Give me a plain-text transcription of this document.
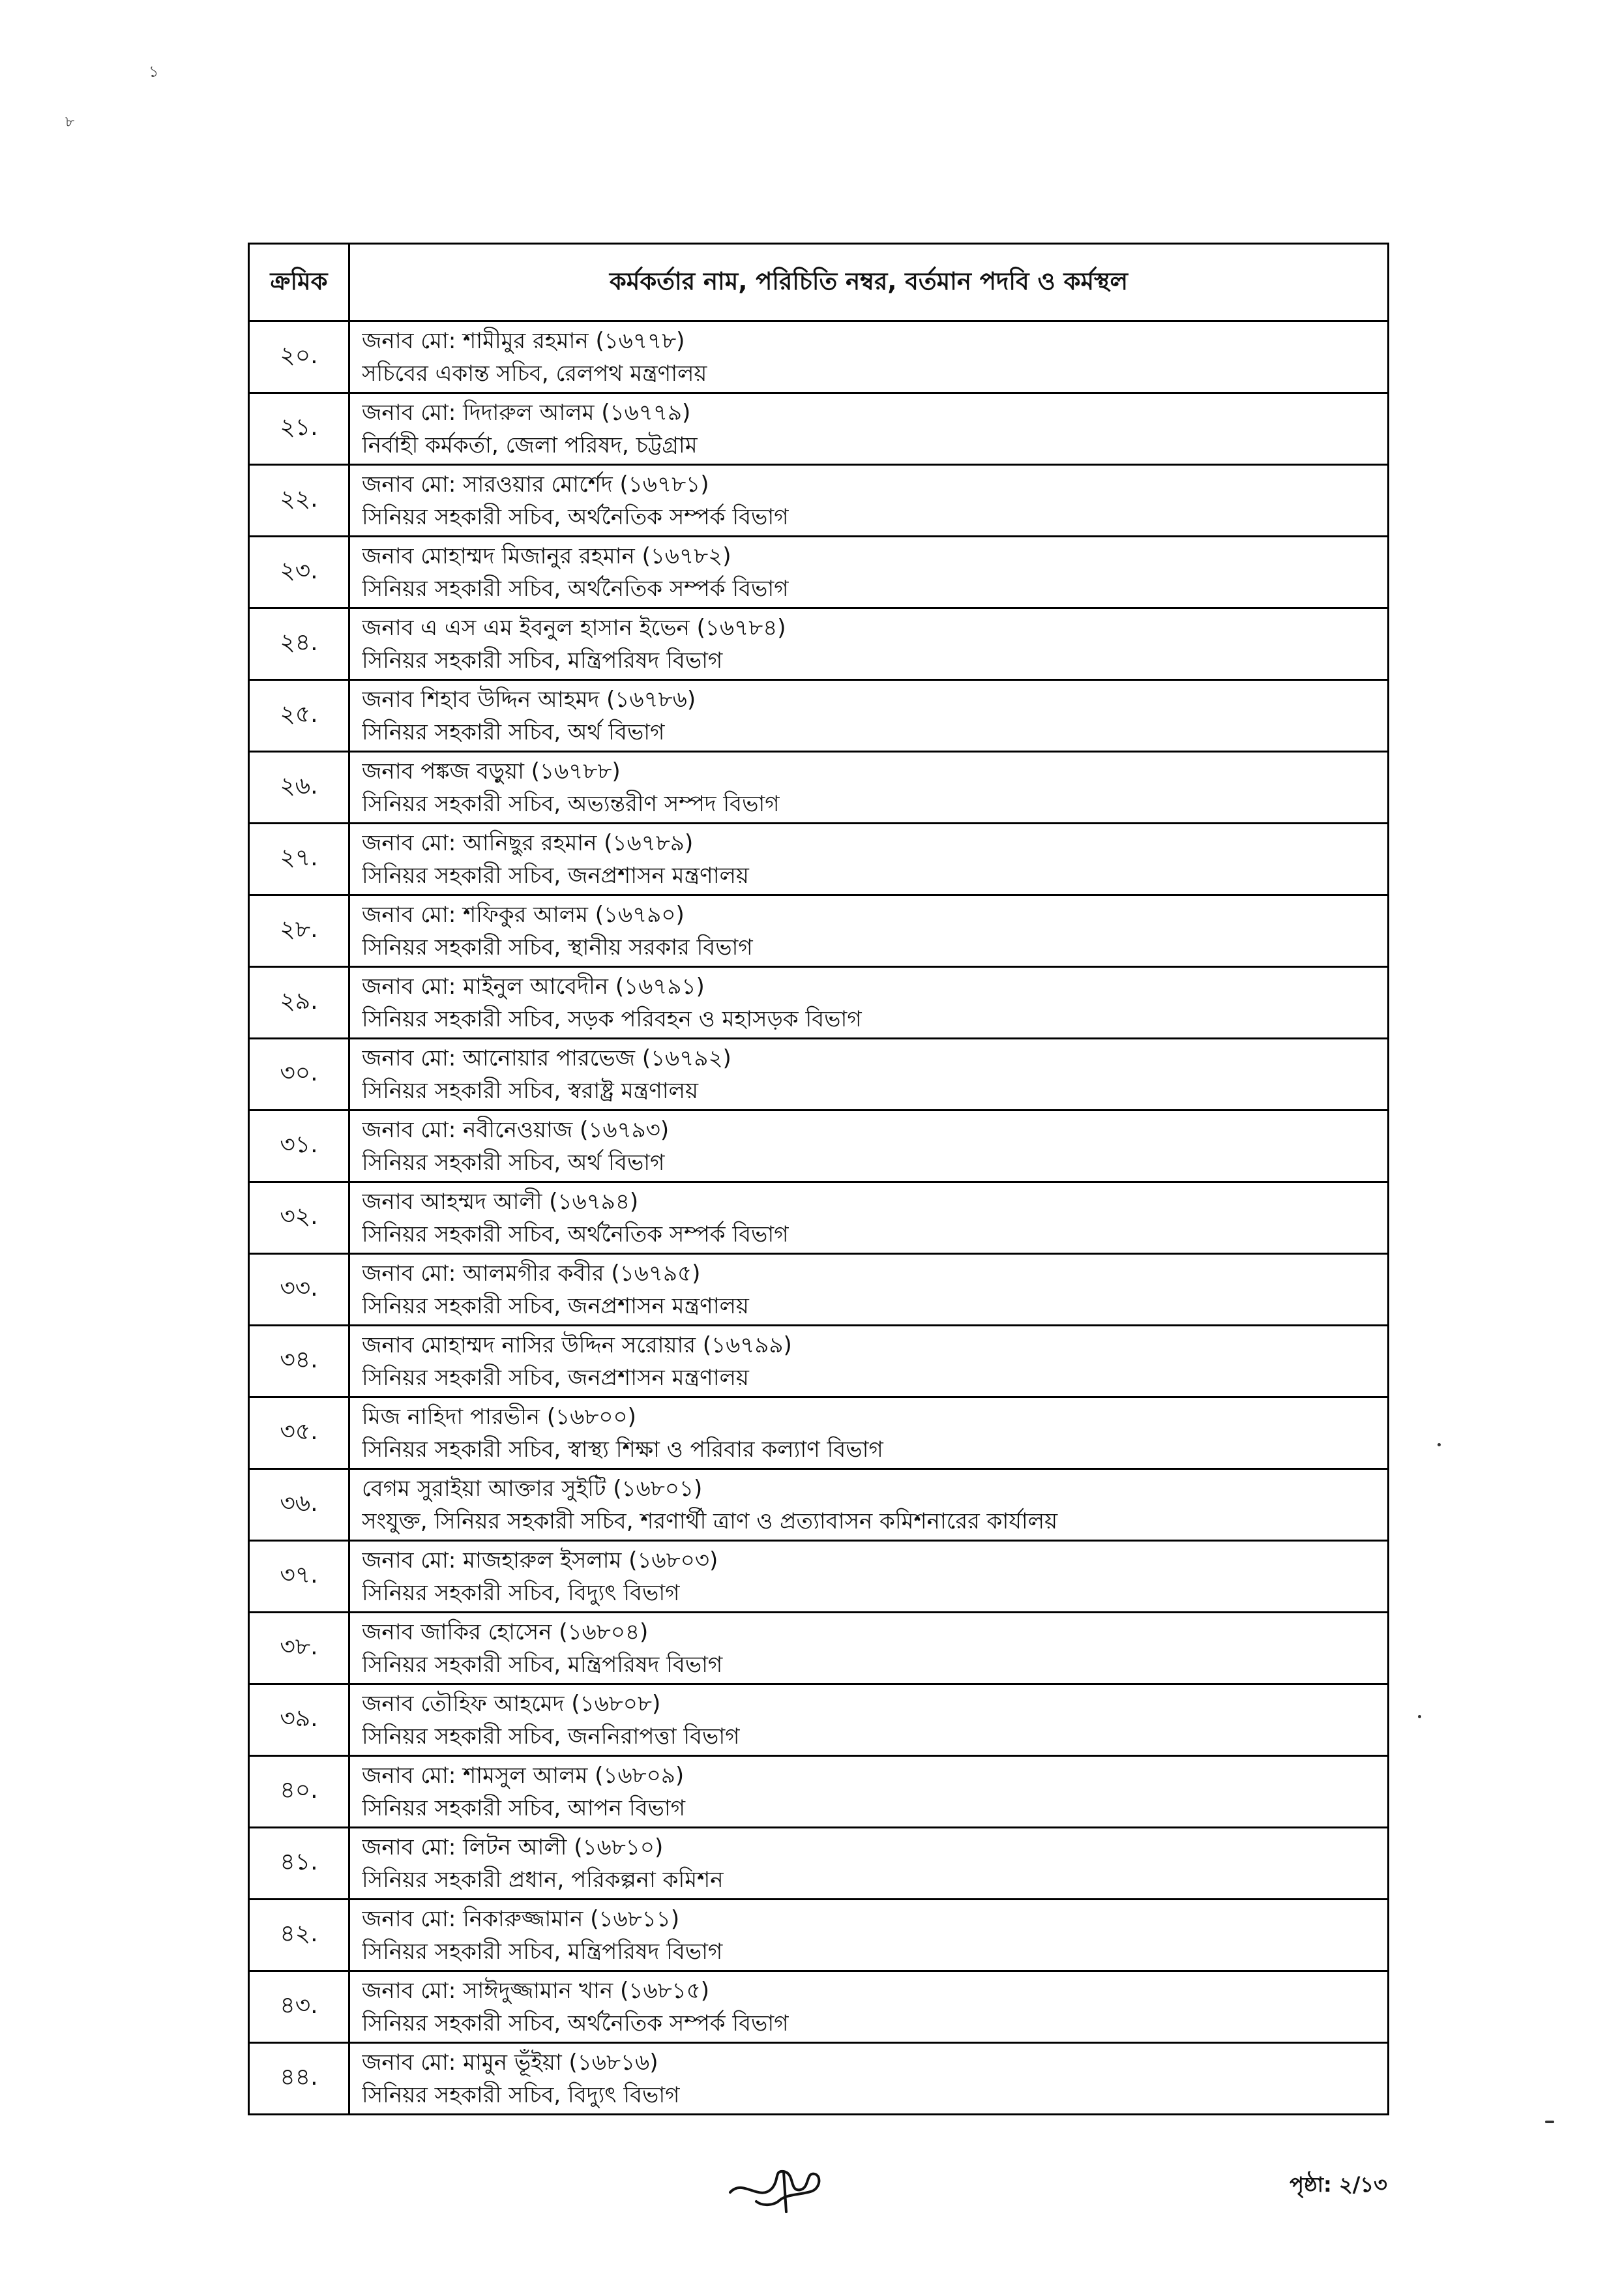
১
৮
ক্রমিক	কর্মকর্তার নাম, পরিচিতি নম্বর, বর্তমান পদবি ও কর্মস্থল
২০.	জনাব মো: শামীমুর রহমান (১৬৭৭৮)
সচিবের একান্ত সচিব, রেলপথ মন্ত্রণালয়

২১.	জনাব মো: দিদারুল আলম (১৬৭৭৯)
নির্বাহী কর্মকর্তা, জেলা পরিষদ, চট্টগ্রাম

২২.	জনাব মো: সারওয়ার মোর্শেদ (১৬৭৮১)
সিনিয়র সহকারী সচিব, অর্থনৈতিক সম্পর্ক বিভাগ

২৩.	জনাব মোহাম্মদ মিজানুর রহমান (১৬৭৮২)
সিনিয়র সহকারী সচিব, অর্থনৈতিক সম্পর্ক বিভাগ

২৪.	জনাব এ এস এম ইবনুল হাসান ইভেন (১৬৭৮৪)
সিনিয়র সহকারী সচিব, মন্ত্রিপরিষদ বিভাগ

২৫.	জনাব শিহাব উদ্দিন আহমদ (১৬৭৮৬)
সিনিয়র সহকারী সচিব, অর্থ বিভাগ

২৬.	জনাব পঙ্কজ বড়ুয়া (১৬৭৮৮)
সিনিয়র সহকারী সচিব, অভ্যন্তরীণ সম্পদ বিভাগ

২৭.	জনাব মো: আনিছুর রহমান (১৬৭৮৯)
সিনিয়র সহকারী সচিব, জনপ্রশাসন মন্ত্রণালয়

২৮.	জনাব মো: শফিকুর আলম (১৬৭৯০)
সিনিয়র সহকারী সচিব, স্থানীয় সরকার বিভাগ

২৯.	জনাব মো: মাইনুল আবেদীন (১৬৭৯১)
সিনিয়র সহকারী সচিব, সড়ক পরিবহন ও মহাসড়ক বিভাগ

৩০.	জনাব মো: আনোয়ার পারভেজ (১৬৭৯২)
সিনিয়র সহকারী সচিব, স্বরাষ্ট্র মন্ত্রণালয়

৩১.	জনাব মো: নবীনেওয়াজ (১৬৭৯৩)
সিনিয়র সহকারী সচিব, অর্থ বিভাগ

৩২.	জনাব আহম্মদ আলী (১৬৭৯৪)
সিনিয়র সহকারী সচিব, অর্থনৈতিক সম্পর্ক বিভাগ

৩৩.	জনাব মো: আলমগীর কবীর (১৬৭৯৫)
সিনিয়র সহকারী সচিব, জনপ্রশাসন মন্ত্রণালয়

৩৪.	জনাব মোহাম্মদ নাসির উদ্দিন সরোয়ার (১৬৭৯৯)
সিনিয়র সহকারী সচিব, জনপ্রশাসন মন্ত্রণালয়

৩৫.	মিজ নাহিদা পারভীন (১৬৮০০)
সিনিয়র সহকারী সচিব, স্বাস্থ্য শিক্ষা ও পরিবার কল্যাণ বিভাগ

৩৬.	বেগম সুরাইয়া আক্তার সুইটি (১৬৮০১)
সংযুক্ত, সিনিয়র সহকারী সচিব, শরণার্থী ত্রাণ ও প্রত্যাবাসন কমিশনারের কার্যালয়

৩৭.	জনাব মো: মাজহারুল ইসলাম (১৬৮০৩)
সিনিয়র সহকারী সচিব, বিদ্যুৎ বিভাগ

৩৮.	জনাব জাকির হোসেন (১৬৮০৪)
সিনিয়র সহকারী সচিব, মন্ত্রিপরিষদ বিভাগ

৩৯.	জনাব তৌহিফ আহমেদ (১৬৮০৮)
সিনিয়র সহকারী সচিব, জননিরাপত্তা বিভাগ

৪০.	জনাব মো: শামসুল আলম (১৬৮০৯)
সিনিয়র সহকারী সচিব, আপন বিভাগ

৪১.	জনাব মো: লিটন আলী (১৬৮১০)
সিনিয়র সহকারী প্রধান, পরিকল্পনা কমিশন

৪২.	জনাব মো: নিকারুজ্জামান (১৬৮১১)
সিনিয়র সহকারী সচিব, মন্ত্রিপরিষদ বিভাগ

৪৩.	জনাব মো: সাঈদুজ্জামান খান (১৬৮১৫)
সিনিয়র সহকারী সচিব, অর্থনৈতিক সম্পর্ক বিভাগ

৪৪.	জনাব মো: মামুন ভূঁইয়া (১৬৮১৬)
সিনিয়র সহকারী সচিব, বিদ্যুৎ বিভাগ
পৃষ্ঠা: ২/১৩
